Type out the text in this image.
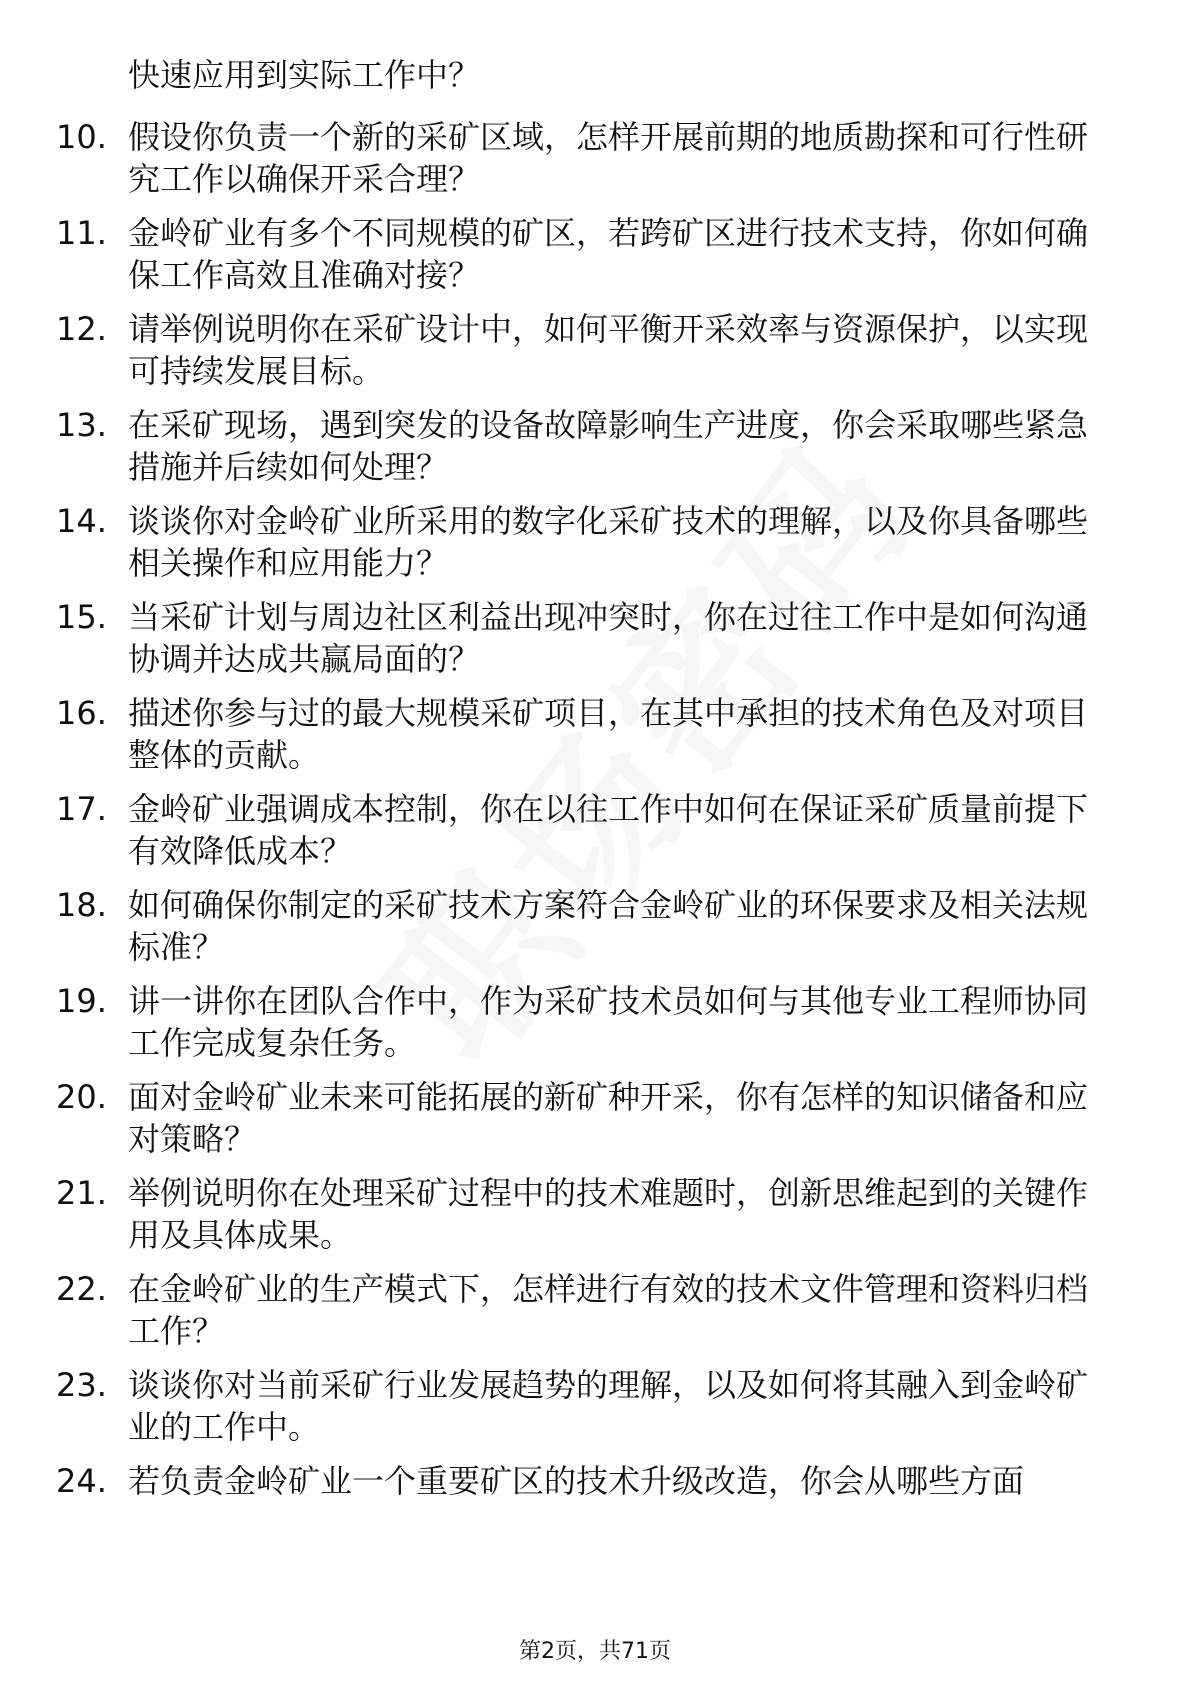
快速应用到实际工作中？
10. 假设你负责一个新的采矿区域，怎样开展前期的地质勘探和可行性研究工作以确保开采合理？
11. 金岭矿业有多个不同规模的矿区，若跨矿区进行技术支持，你如何确保工作高效且准确对接？
12. 请举例说明你在采矿设计中，如何平衡开采效率与资源保护，以实现可持续发展目标。
13. 在采矿现场，遇到突发的设备故障影响生产进度，你会采取哪些紧急措施并后续如何处理？
14. 谈谈你对金岭矿业所采用的数字化采矿技术的理解，以及你具备哪些相关操作和应用能力？
15. 当采矿计划与周边社区利益出现冲突时，你在过往工作中是如何沟通协调并达成共赢局面的？
16. 描述你参与过的最大规模采矿项目，在其中承担的技术角色及对项目整体的贡献。
17. 金岭矿业强调成本控制，你在以往工作中如何在保证采矿质量前提下有效降低成本？
18. 如何确保你制定的采矿技术方案符合金岭矿业的环保要求及相关法规标准？
19. 讲一讲你在团队合作中，作为采矿技术员如何与其他专业工程师协同工作完成复杂任务。
20. 面对金岭矿业未来可能拓展的新矿种开采，你有怎样的知识储备和应对策略？
21. 举例说明你在处理采矿过程中的技术难题时，创新思维起到的关键作用及具体成果。
22. 在金岭矿业的生产模式下，怎样进行有效的技术文件管理和资料归档工作？
23. 谈谈你对当前采矿行业发展趋势的理解，以及如何将其融入到金岭矿业的工作中。
24. 若负责金岭矿业一个重要矿区的技术升级改造，你会从哪些方面
第2页，共71页
